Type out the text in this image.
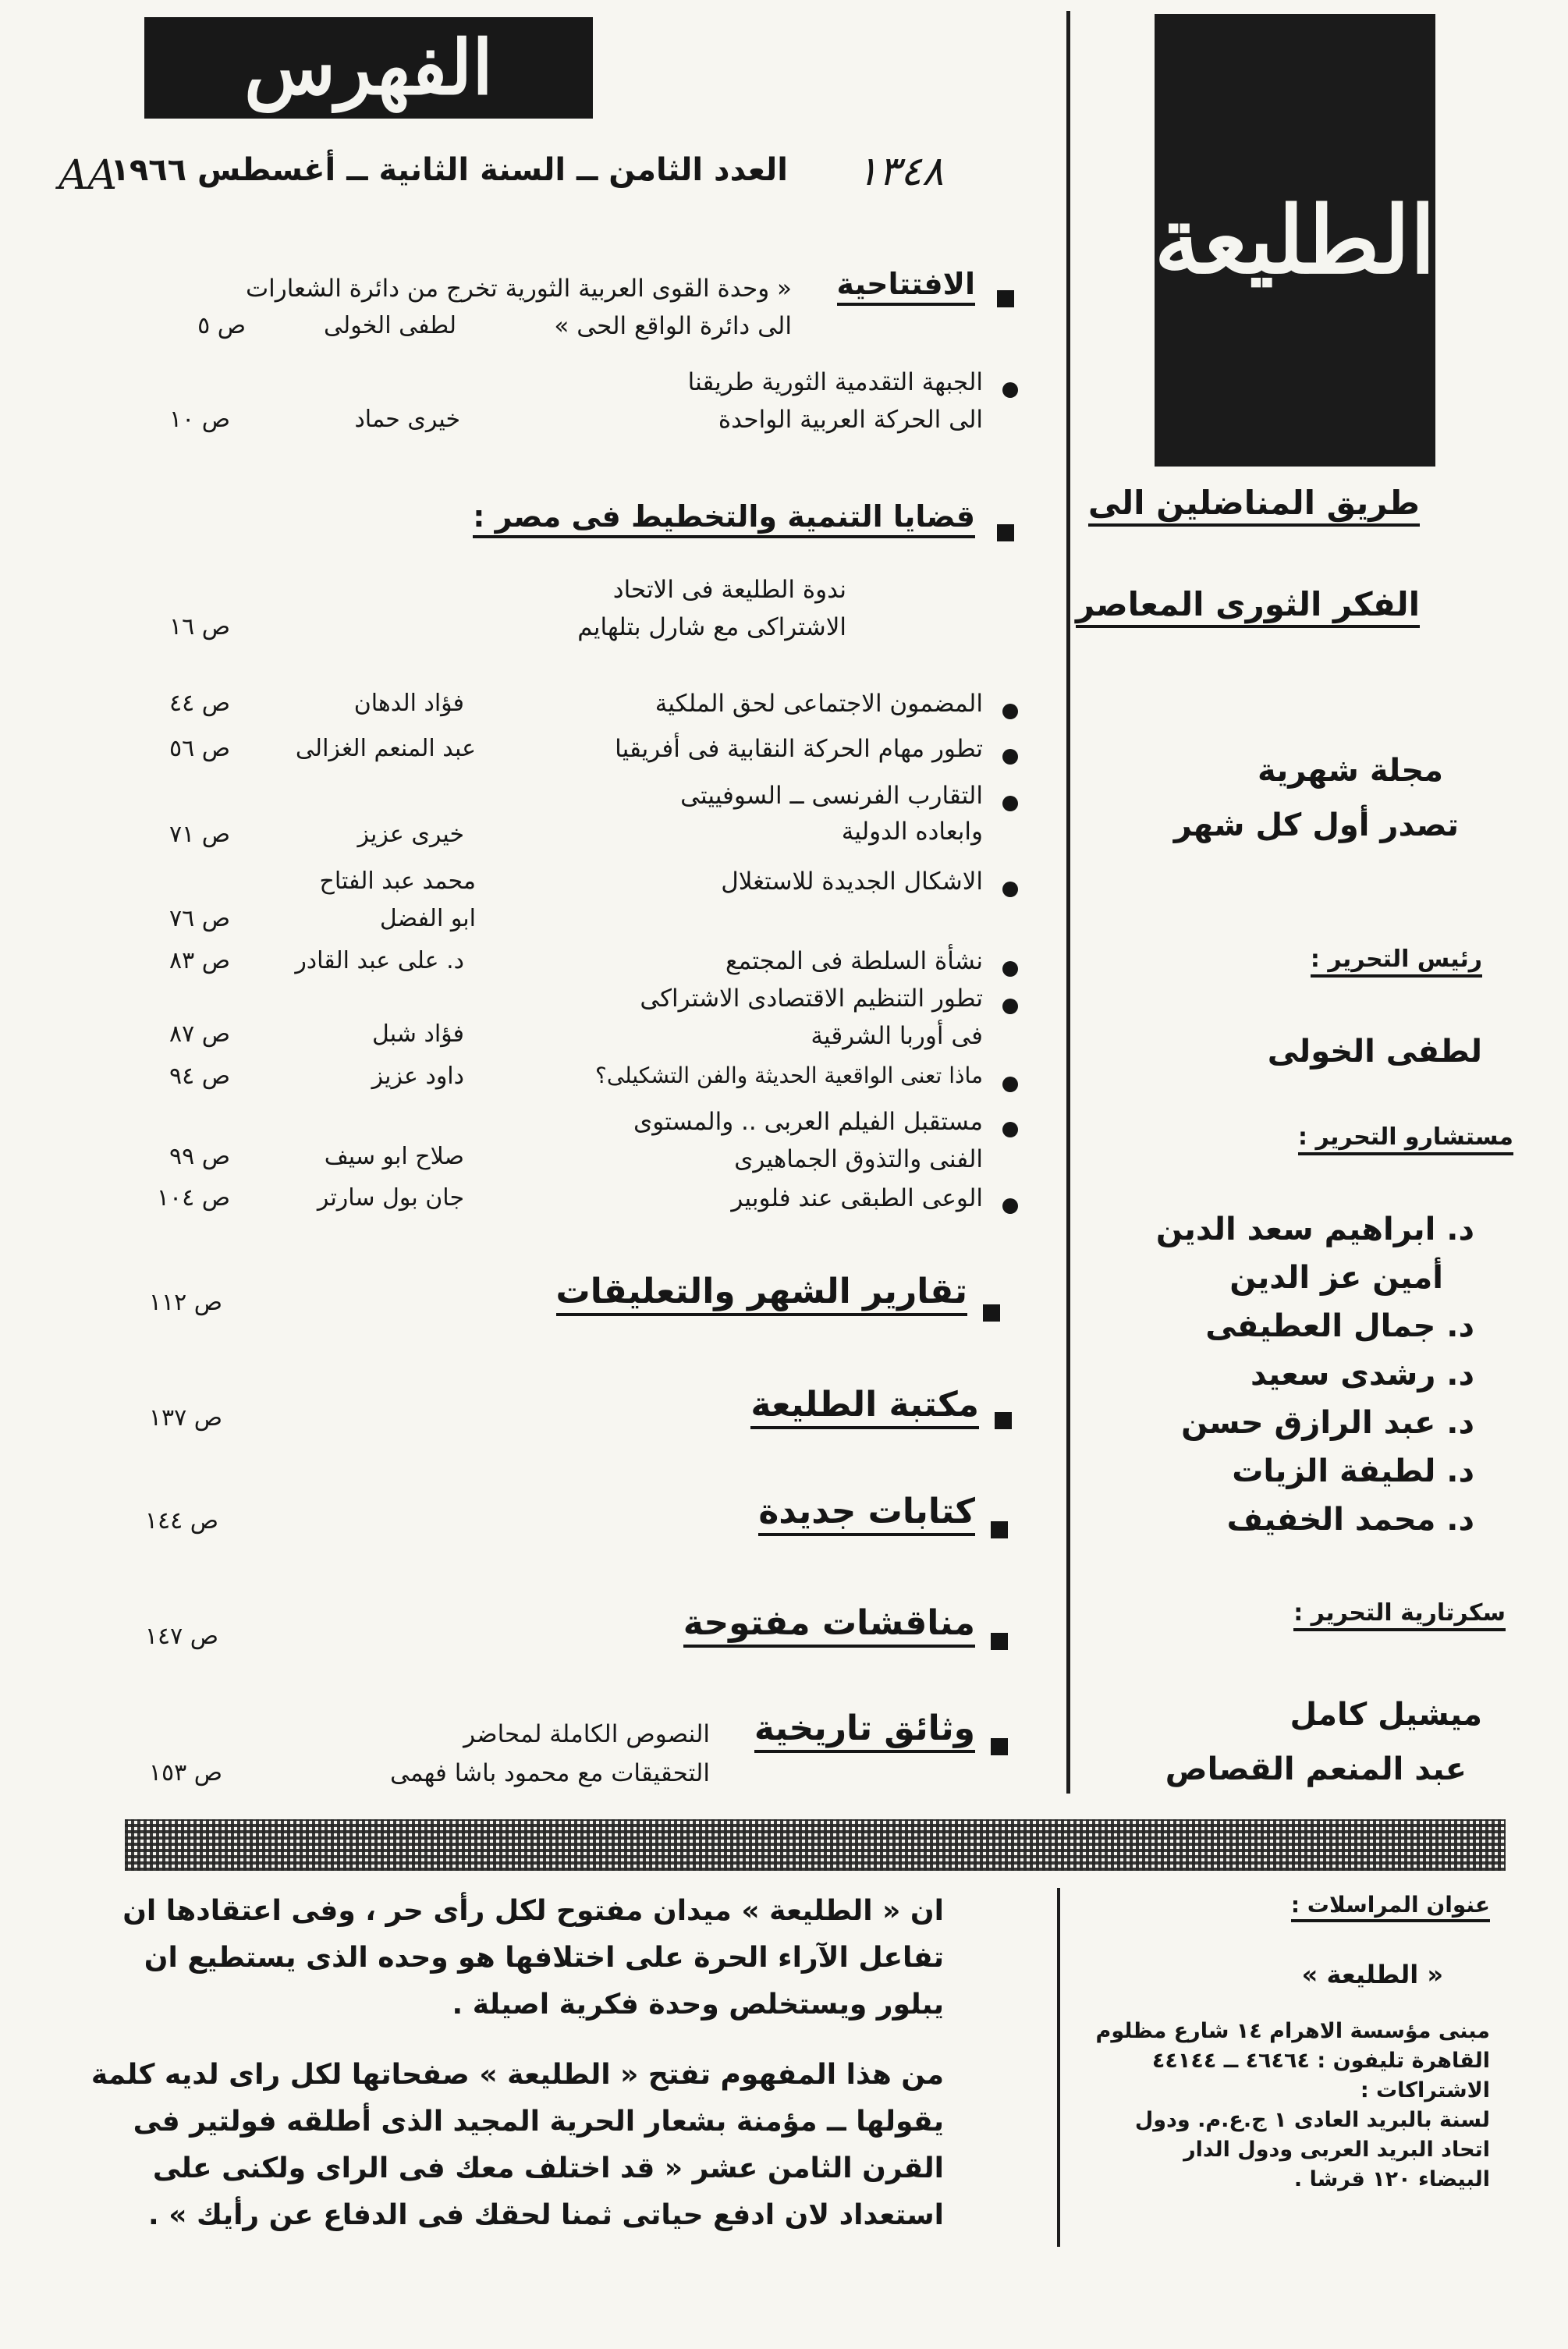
الفهرس
AA
العدد الثامن ــ السنة الثانية ــ أغسطس ١٩٦٦ ١٣٤٨
الطليعة
الافتتاحية
« وحدة القوى العربية الثورية تخرج من دائرة الشعارات
الى دائرة الواقع الحى »
لطفى الخولى
ص ٥
الجبهة التقدمية الثورية طريقنا
الى الحركة العربية الواحدة
خيرى حماد
ص ١٠
قضايا التنمية والتخطيط فى مصر :
ندوة الطليعة فى الاتحاد
الاشتراكى مع شارل بتلهايم
ص ١٦
المضمون الاجتماعى لحق الملكية
فؤاد الدهان
ص ٤٤
تطور مهام الحركة النقابية فى أفريقيا
عبد المنعم الغزالى
ص ٥٦
التقارب الفرنسى ــ السوفييتى
وابعاده الدولية
خيرى عزيز
ص ٧١
الاشكال الجديدة للاستغلال
محمد عبد الفتاح
ابو الفضل
ص ٧٦
نشأة السلطة فى المجتمع
د. على عبد القادر
ص ٨٣
تطور التنظيم الاقتصادى الاشتراكى
فى أوربا الشرقية
فؤاد شبل
ص ٨٧
ماذا تعنى الواقعية الحديثة والفن التشكيلى؟
داود عزيز
ص ٩٤
مستقبل الفيلم العربى .. والمستوى
الفنى والتذوق الجماهيرى
صلاح ابو سيف
ص ٩٩
الوعى الطبقى عند فلوبير
جان بول سارتر
ص ١٠٤
تقارير الشهر والتعليقات
ص ١١٢
مكتبة الطليعة
ص ١٣٧
كتابات جديدة
ص ١٤٤
مناقشات مفتوحة
ص ١٤٧
وثائق تاريخية
النصوص الكاملة لمحاضر
التحقيقات مع محمود باشا فهمى
ص ١٥٣
طريق المناضلين الى
الفكر الثورى المعاصر
مجلة شهرية
تصدر أول كل شهر
رئيس التحرير :
لطفى الخولى
مستشارو التحرير :
د. ابراهيم سعد الدين
أمين عز الدين
د. جمال العطيفى
د. رشدى سعيد
د. عبد الرازق حسن
د. لطيفة الزيات
د. محمد الخفيف
سكرتارية التحرير :
ميشيل كامل
عبد المنعم القصاص
ان « الطليعة » ميدان مفتوح لكل رأى حر ، وفى اعتقادها ان
تفاعل الآراء الحرة على اختلافها هو وحده الذى يستطيع ان
يبلور ويستخلص وحدة فكرية اصيلة .
من هذا المفهوم تفتح « الطليعة » صفحاتها لكل راى لديه كلمة
يقولها ــ مؤمنة بشعار الحرية المجيد الذى أطلقه فولتير فى
القرن الثامن عشر « قد اختلف معك فى الراى ولكنى على
استعداد لان ادفع حياتى ثمنا لحقك فى الدفاع عن رأيك » .
عنوان المراسلات :
« الطليعة »
مبنى مؤسسة الاهرام ١٤ شارع مظلوم
القاهرة تليفون : ٤٦٤٦٤ ــ ٤٤١٤٤
الاشتراكات :
لسنة بالبريد العادى ١ ج.ع.م. ودول
اتحاد البريد العربى ودول الدار
البيضاء ١٢٠ قرشا .
